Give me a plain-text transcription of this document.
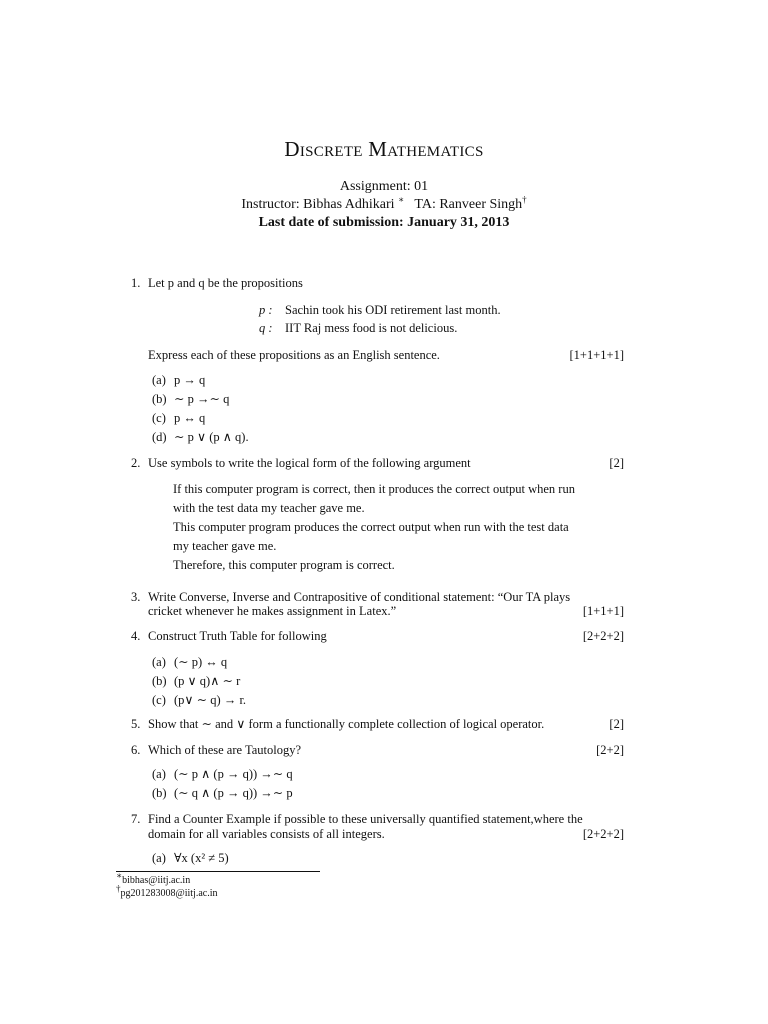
Discrete Mathematics
Assignment: 01
Instructor: Bibhas Adhikari ∗ TA: Ranveer Singh†
Last date of submission: January 31, 2013
1. Let p and q be the propositions
p : Sachin took his ODI retirement last month.
q : IIT Raj mess food is not delicious.
Express each of these propositions as an English sentence.	[1+1+1+1]
(a) p → q
(b) ∼ p →∼ q
(c) p ↔ q
(d) ∼ p ∨ (p ∧ q).
2. Use symbols to write the logical form of the following argument	[2]
If this computer program is correct, then it produces the correct output when run
with the test data my teacher gave me.
This computer program produces the correct output when run with the test data
my teacher gave me.
Therefore, this computer program is correct.
3. Write Converse, Inverse and Contrapositive of conditional statement: “Our TA plays
cricket whenever he makes assignment in Latex.”	[1+1+1]
4. Construct Truth Table for following	[2+2+2]
(a) (∼ p) ↔ q
(b) (p ∨ q)∧ ∼ r
(c) (p∨ ∼ q) → r.
5. Show that ∼ and ∨ form a functionally complete collection of logical operator.	[2]
6. Which of these are Tautology?	[2+2]
(a) (∼ p ∧ (p → q)) →∼ q
(b) (∼ q ∧ (p → q)) →∼ p
7. Find a Counter Example if possible to these universally quantified statement,where the
domain for all variables consists of all integers.	[2+2+2]
(a) ∀x (x² ≠ 5)
∗bibhas@iitj.ac.in
†pg201283008@iitj.ac.in
